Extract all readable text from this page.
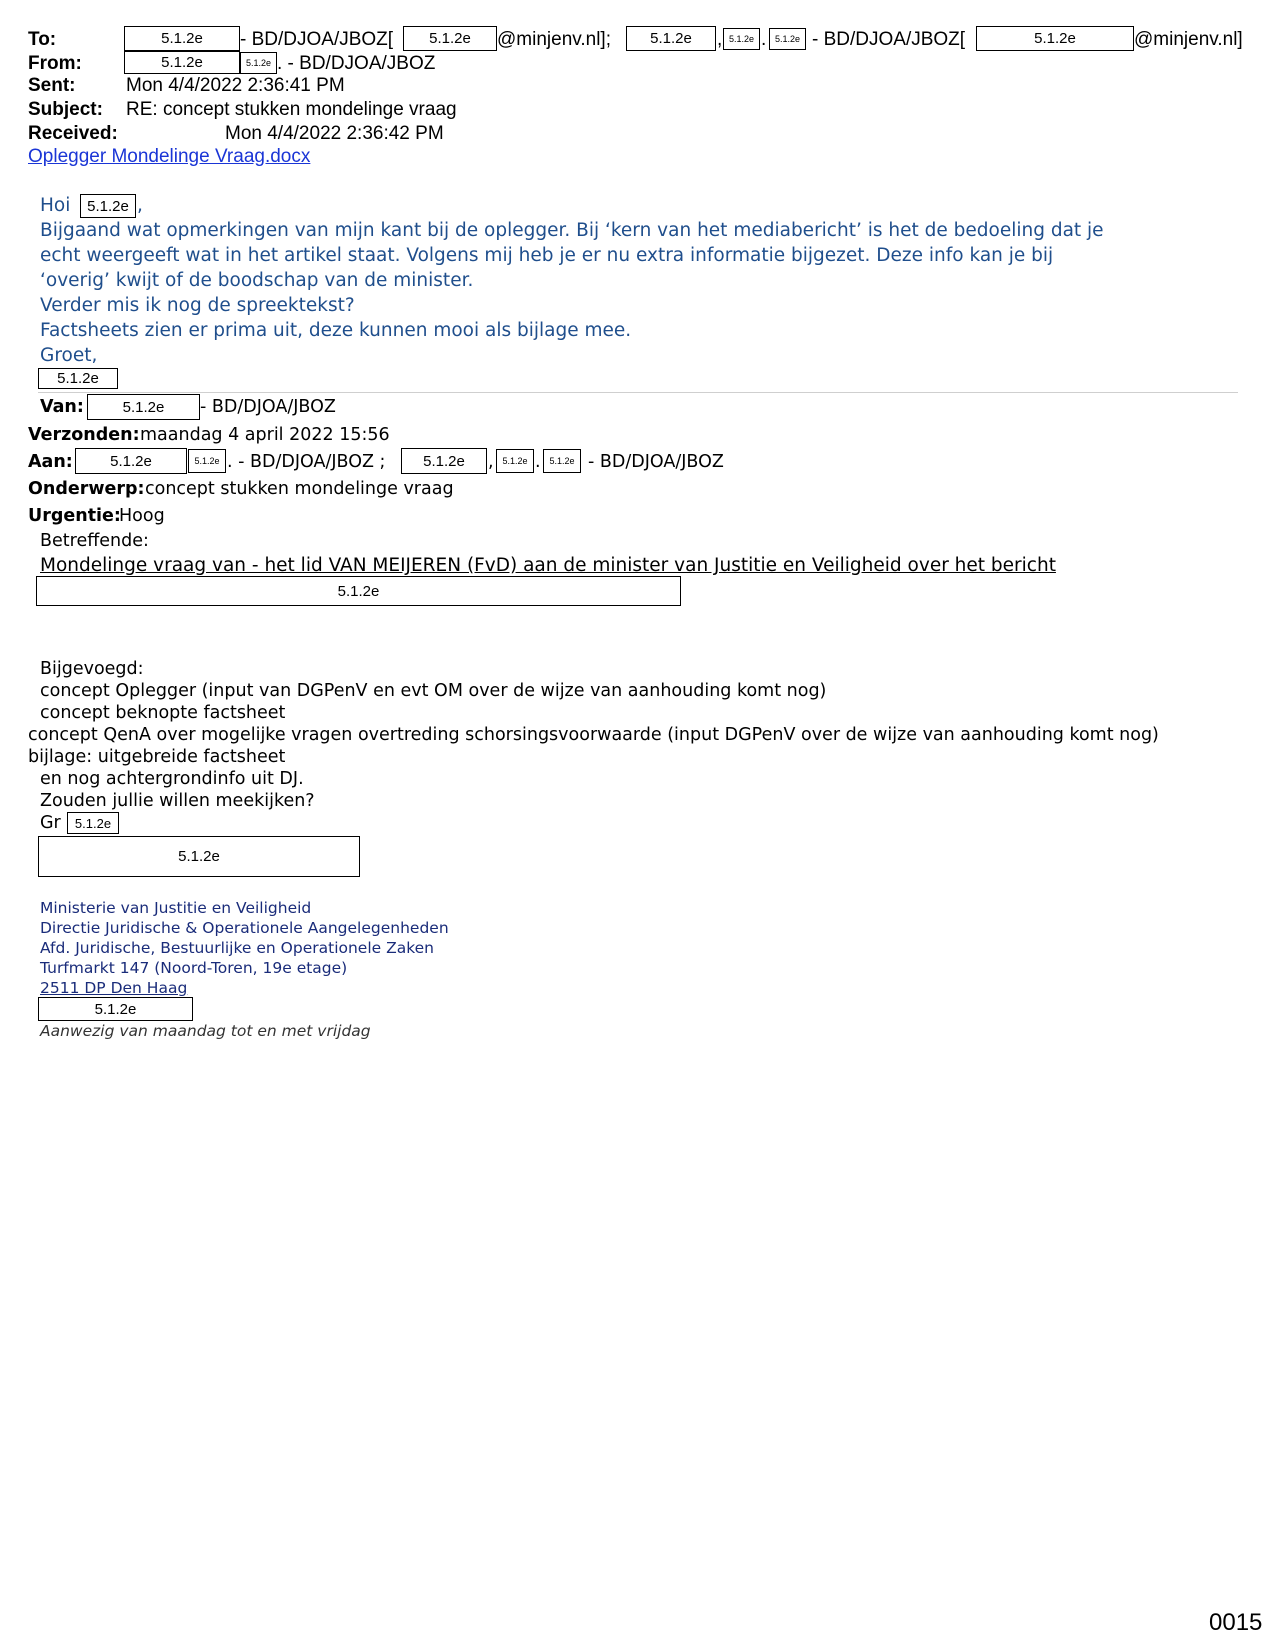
To:	5.1.2e - BD/DJOA/JBOZ[ 5.1.2e @minjenv.nl];	5.1.2e , 5.1.2e . 5.1.2e - BD/DJOA/JBOZ[	5.1.2e	@minjenv.nl]
From:	5.1.2e	5.1.2e . - BD/DJOA/JBOZ
Sent:	Mon 4/4/2022 2:36:41 PM
Subject: RE: concept stukken mondelinge vraag
Received:	Mon 4/4/2022 2:36:42 PM
Oplegger Mondelinge Vraag.docx
Hoi 5.1.2e ,
Bijgaand wat opmerkingen van mijn kant bij de oplegger. Bij ‘kern van het mediabericht’ is het de bedoeling dat je
echt weergeeft wat in het artikel staat. Volgens mij heb je er nu extra informatie bijgezet. Deze info kan je bij
‘overig’ kwijt of de boodschap van de minister.
Verder mis ik nog de spreektekst?
Factsheets zien er prima uit, deze kunnen mooi als bijlage mee.
Groet,
5.1.2e
Van:	5.1.2e - BD/DJOA/JBOZ
Verzonden: maandag 4 april 2022 15:56
Aan: 5.1.2e	5.1.2e . - BD/DJOA/JBOZ ;	5.1.2e , 5.1.2e . 5.1.2e - BD/DJOA/JBOZ
Onderwerp: concept stukken mondelinge vraag
Urgentie:
Hoog
Betreffende:
Mondelinge vraag van - het lid VAN MEIJEREN (FvD) aan de minister van Justitie en Veiligheid over het bericht
5.1.2e
Bijgevoegd:
concept Oplegger (input van DGPenV en evt OM over de wijze van aanhouding komt nog)
concept beknopte factsheet
concept QenA over mogelijke vragen overtreding schorsingsvoorwaarde (input DGPenV over de wijze van aanhouding komt nog)
bijlage: uitgebreide factsheet
en nog achtergrondinfo uit DJ.
Zouden jullie willen meekijken?
Gr 5.1.2e
5.1.2e
Ministerie van Justitie en Veiligheid
Directie Juridische & Operationele Aangelegenheden
Afd. Juridische, Bestuurlijke en Operationele Zaken
Turfmarkt 147 (Noord-Toren, 19e etage)
2511 DP Den Haag
5.1.2e
Aanwezig van maandag tot en met vrijdag
0015
